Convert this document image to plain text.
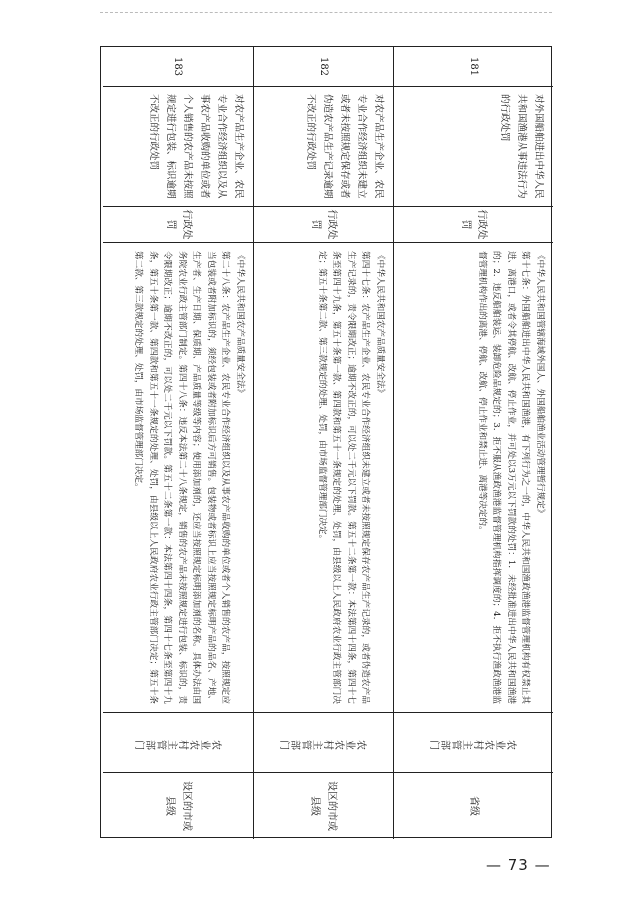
181
对外国船舶进出中华人民共和国渔港从事违法行为的行政处罚
行政处罚
《中华人民共和国管辖海域外国人、外国船舶渔业活动管理暂行规定》
第十七条：外国船舶进出中华人民共和国渔港，有下列行为之一的，中华人民共和国渔政渔港监督管理机构有权禁止其进、离港口，或者令其停航、改航、停止作业，并可处以3万元以下罚款的处罚：1．未经批准进出中华人民共和国渔港的；2．违反船舶装运、装卸危险品规定的；3．拒不服从渔政渔港监督管理机构指挥调度的；4．拒不执行渔政渔港监督管理机构作出的离港、停航、改航、停止作业和禁止进、离港等决定的。
农业农村主管部门
省级
182
对农产品生产企业、农民专业合作经济组织未建立或者未按照规定保存或者伪造农产品生产记录逾期不改正的行政处罚
行政处罚
《中华人民共和国农产品质量安全法》
第四十七条：农产品生产企业、农民专业合作经济组织未建立或者未按照规定保存农产品生产记录的，或者伪造农产品生产记录的，责令限期改正；逾期不改正的，可以处二千元以下罚款。第五十二条第一款：本法第四十四条，第四十七条至第四十九条，第五十条第一款、第四款和第五十一条规定的处理、处罚，由县级以上人民政府农业行政主管部门决定；第五十条第二款、第三款规定的处理、处罚，由市场监督管理部门决定。
农业农村主管部门
设区的市或县级
183
对农产品生产企业、农民专业合作经济组织以及从事农产品收购的单位或者个人销售的农产品未按照规定进行包装、标识逾期不改正的行政处罚
行政处罚
《中华人民共和国农产品质量安全法》
第二十八条：农产品生产企业、农民专业合作经济组织以及从事农产品收购的单位或者个人销售的农产品，按照规定应当包装或者附加标识的，须经包装或者附加标识后方可销售。包装物或者标识上应当按照规定标明产品的品名、产地、生产者、生产日期、保质期、产品质量等级等内容；使用添加剂的，还应当按照规定标明添加剂的名称。具体办法由国务院农业行政主管部门制定。第四十八条：违反本法第二十八条规定，销售的农产品未按照规定进行包装、标识的，责令限期改正；逾期不改正的，可以处二千元以下罚款。第五十二条第一款：本法第四十四条，第四十七条至第四十九条，第五十条第一款、第四款和第五十一条规定的处理、处罚，由县级以上人民政府农业行政主管部门决定；第五十条第二款、第三款规定的处理、处罚，由市场监督管理部门决定。
农业农村主管部门
设区的市或县级
— 73 —
